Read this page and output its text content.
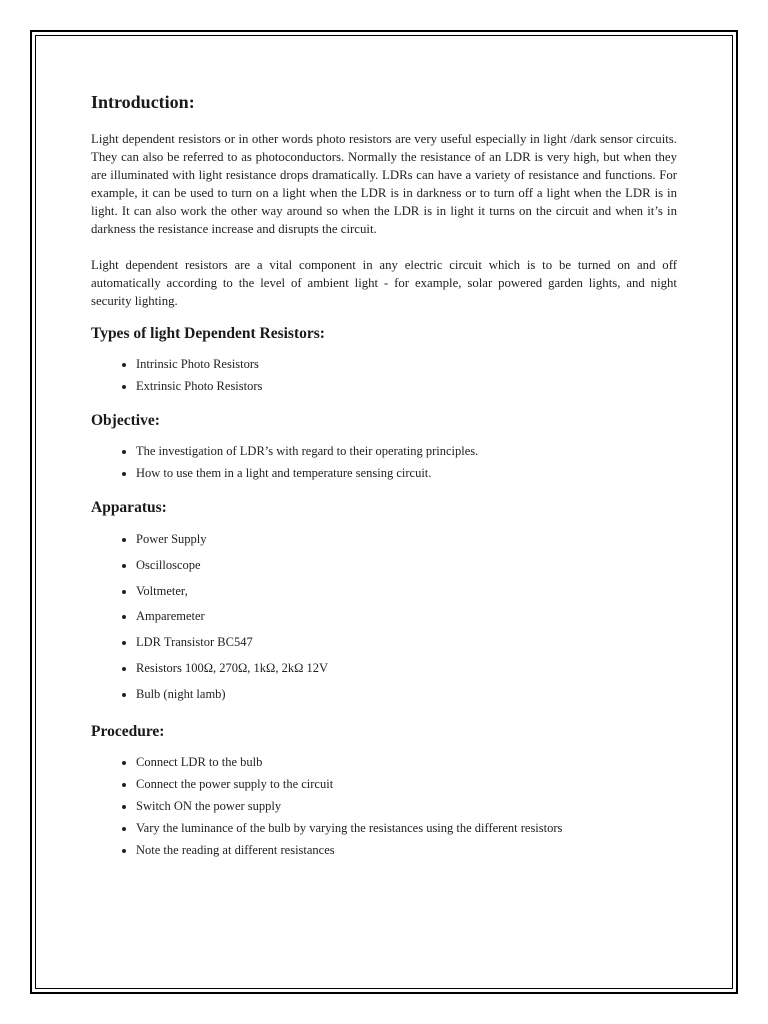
Introduction:

Light dependent resistors or in other words photo resistors are very useful especially in light /dark sensor circuits. They can also be referred to as photoconductors. Normally the resistance of an LDR is very high, but when they are illuminated with light resistance drops dramatically. LDRs can have a variety of resistance and functions. For example, it can be used to turn on a light when the LDR is in darkness or to turn off a light when the LDR is in light. It can also work the other way around so when the LDR is in light it turns on the circuit and when it’s in darkness the resistance increase and disrupts the circuit.

Light dependent resistors are a vital component in any electric circuit which is to be turned on and off automatically according to the level of ambient light - for example, solar powered garden lights, and night security lighting.

Types of light Dependent Resistors:
• Intrinsic Photo Resistors
• Extrinsic Photo Resistors
Objective:
• The investigation of LDR’s with regard to their operating principles.
• How to use them in a light and temperature sensing circuit.
Apparatus:
• Power Supply
• Oscilloscope
• Voltmeter,
• Amparemeter
• LDR Transistor BC547
• Resistors 100Ω, 270Ω, 1kΩ, 2kΩ 12V
• Bulb (night lamb)
Procedure:
• Connect LDR to the bulb
• Connect the power supply to the circuit
• Switch ON the power supply
• Vary the luminance of the bulb by varying the resistances using the different resistors
• Note the reading at different resistances
